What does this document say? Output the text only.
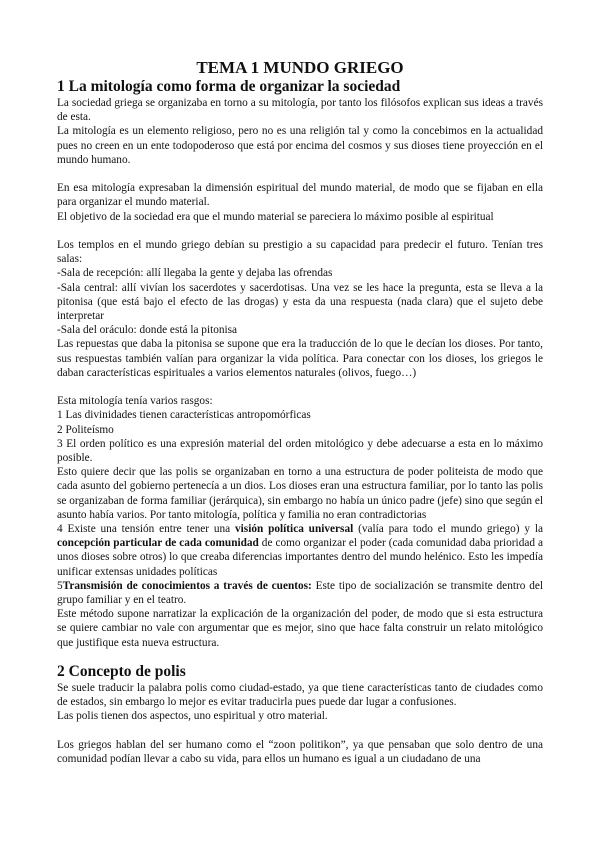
TEMA 1 MUNDO GRIEGO
1 La mitología como forma de organizar la sociedad

La sociedad griega se organizaba en torno a su mitología, por tanto los filósofos explican sus ideas a través de esta.

La mitología es un elemento religioso, pero no es una religión tal y como la concebimos en la actualidad pues no creen en un ente todopoderoso que está por encima del cosmos y sus dioses tiene proyección en el mundo humano.

En esa mitología expresaban la dimensión espiritual del mundo material, de modo que se fijaban en ella para organizar el mundo material.

El objetivo de la sociedad era que el mundo material se pareciera lo máximo posible al espiritual

Los templos en el mundo griego debían su prestigio a su capacidad para predecir el futuro. Tenían tres salas:

-Sala de recepción: allí llegaba la gente y dejaba las ofrendas

-Sala central: allí vivían los sacerdotes y sacerdotisas. Una vez se les hace la pregunta, esta se lleva a la pitonisa (que está bajo el efecto de las drogas) y esta da una respuesta (nada clara) que el sujeto debe interpretar

-Sala del oráculo: donde está la pitonisa

Las repuestas que daba la pitonisa se supone que era la traducción de lo que le decían los dioses. Por tanto, sus respuestas también valían para organizar la vida política. Para conectar con los dioses, los griegos le daban características espirituales a varios elementos naturales (olivos, fuego…)

Esta mitología tenía varios rasgos:

1 Las divinidades tienen características antropomórficas

2 Politeísmo

3 El orden político es una expresión material del orden mitológico y debe adecuarse a esta en lo máximo posible.

Esto quiere decir que las polis se organizaban en torno a una estructura de poder politeista de modo que cada asunto del gobierno pertenecía a un dios. Los dioses eran una estructura familiar, por lo tanto las polis se organizaban de forma familiar (jerárquica), sin embargo no había un único padre (jefe) sino que según el asunto había varios. Por tanto mitología, política y familia no eran contradictorias

4 Existe una tensión entre tener una visión política universal (valía para todo el mundo griego) y la concepción particular de cada comunidad de como organizar el poder (cada comunidad daba prioridad a unos dioses sobre otros) lo que creaba diferencias importantes dentro del mundo helénico. Esto les impedía unificar extensas unidades políticas

5Transmisión de conocimientos a través de cuentos: Este tipo de socialización se transmite dentro del grupo familiar y en el teatro.

Este método supone narratizar la explicación de la organización del poder, de modo que si esta estructura se quiere cambiar no vale con argumentar que es mejor, sino que hace falta construir un relato mitológico que justifique esta nueva estructura.

2 Concepto de polis

Se suele traducir la palabra polis como ciudad-estado, ya que tiene características tanto de ciudades como de estados, sin embargo lo mejor es evitar traducirla pues puede dar lugar a confusiones.

Las polis tienen dos aspectos, uno espiritual y otro material.

Los griegos hablan del ser humano como el “zoon politikon”, ya que pensaban que solo dentro de una comunidad podían llevar a cabo su vida, para ellos un humano es igual a un ciudadano de una
